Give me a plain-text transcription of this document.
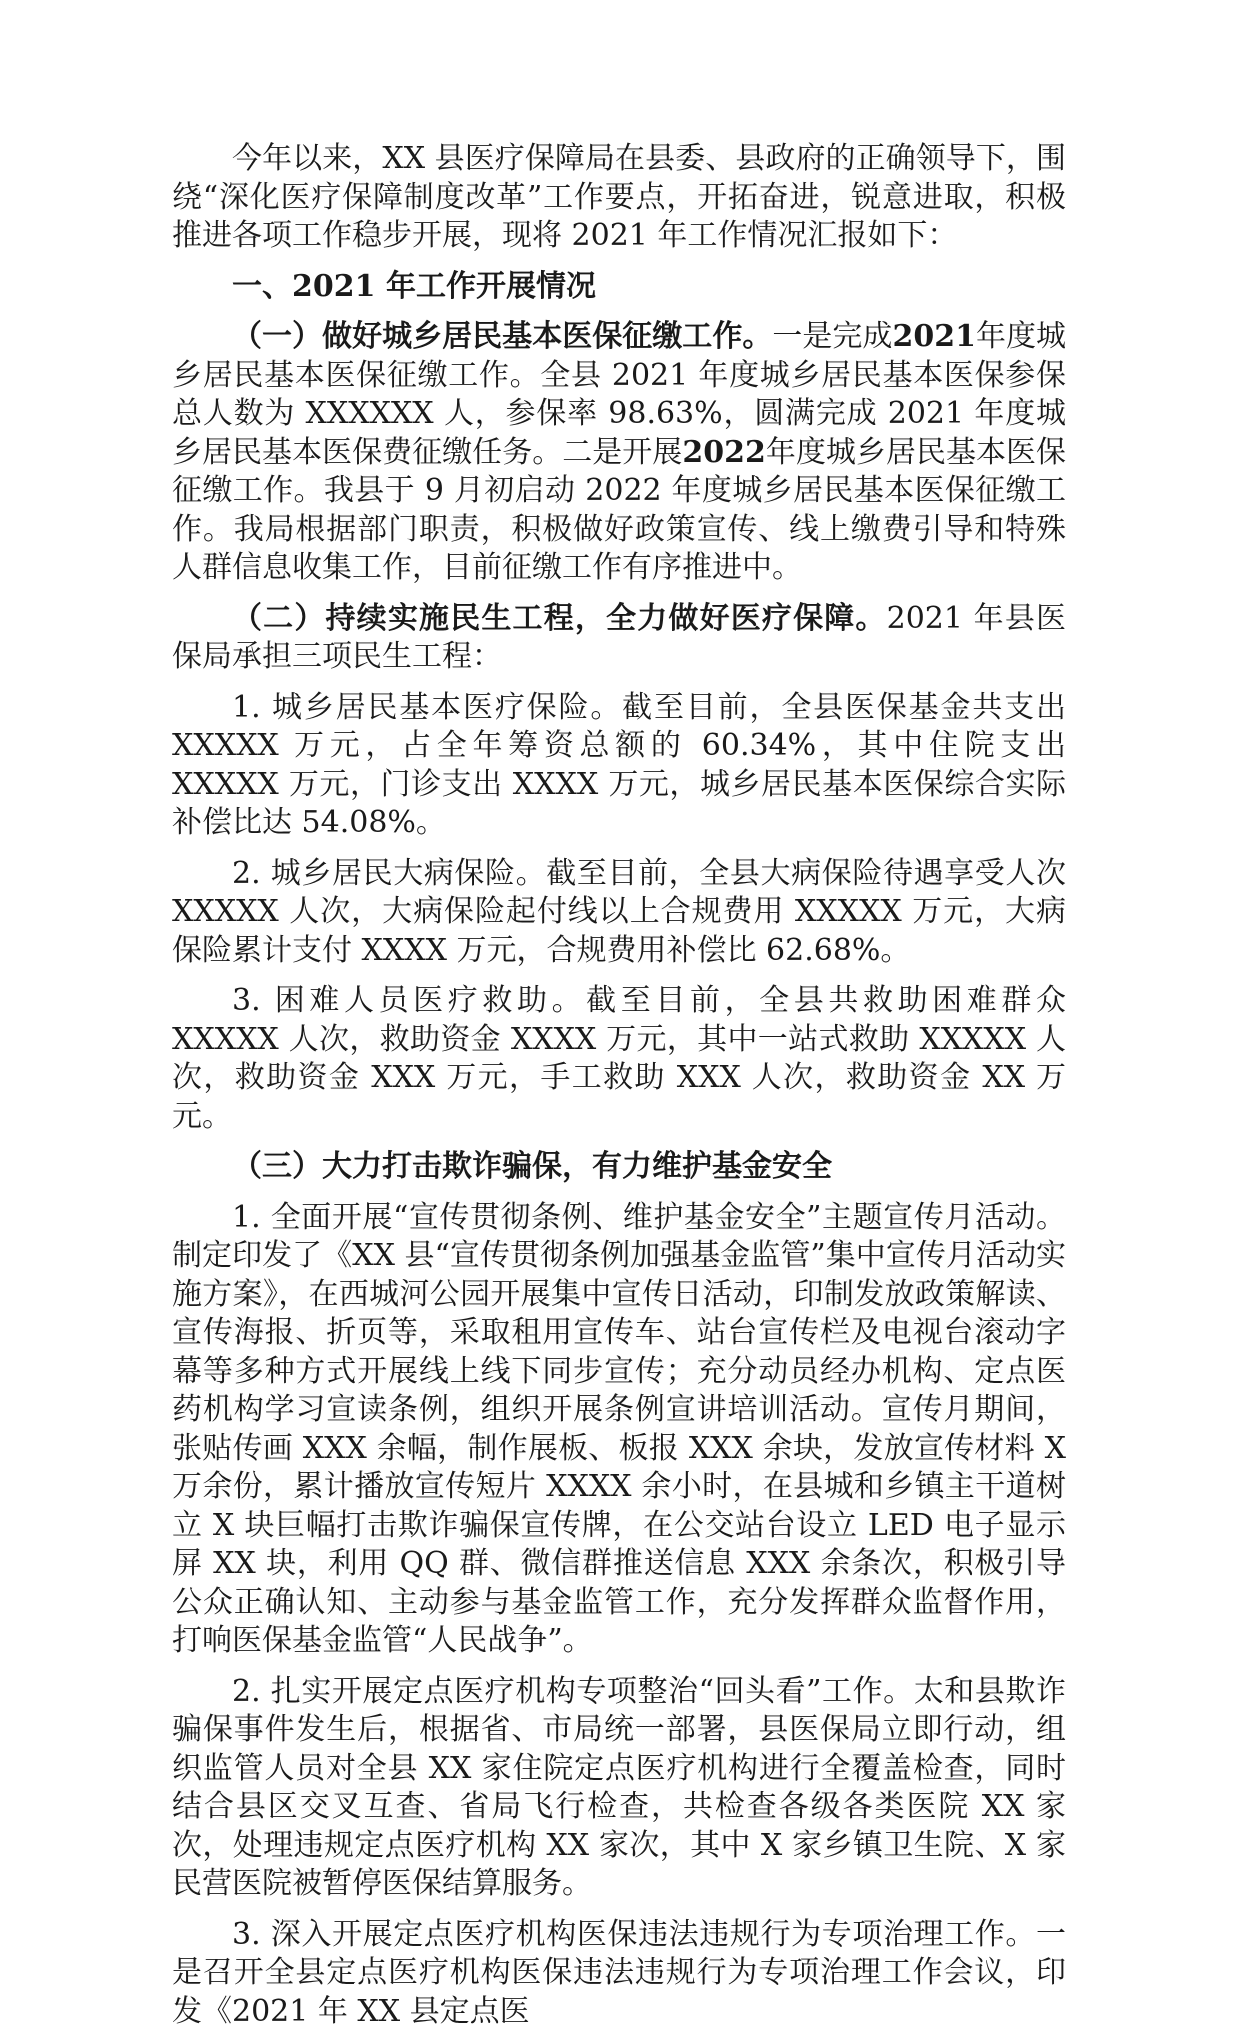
今年以来，XX 县医疗保障局在县委、县政府的正确领导下，围绕“深化医疗保障制度改革”工作要点，开拓奋进，锐意进取，积极推进各项工作稳步开展，现将 2021 年工作情况汇报如下：

一、2021 年工作开展情况

（一）做好城乡居民基本医保征缴工作。一是完成2021年度城乡居民基本医保征缴工作。全县 2021 年度城乡居民基本医保参保总人数为 XXXXXX 人，参保率 98.63%，圆满完成 2021 年度城乡居民基本医保费征缴任务。二是开展2022年度城乡居民基本医保征缴工作。我县于 9 月初启动 2022 年度城乡居民基本医保征缴工作。我局根据部门职责，积极做好政策宣传、线上缴费引导和特殊人群信息收集工作，目前征缴工作有序推进中。

（二）持续实施民生工程，全力做好医疗保障。2021 年县医保局承担三项民生工程：

1. 城乡居民基本医疗保险。截至目前，全县医保基金共支出 XXXXX 万元，占全年筹资总额的 60.34%，其中住院支出 XXXXX 万元，门诊支出 XXXX 万元，城乡居民基本医保综合实际补偿比达 54.08%。

2. 城乡居民大病保险。截至目前，全县大病保险待遇享受人次 XXXXX 人次，大病保险起付线以上合规费用 XXXXX 万元，大病保险累计支付 XXXX 万元，合规费用补偿比 62.68%。

3. 困难人员医疗救助。截至目前，全县共救助困难群众 XXXXX 人次，救助资金 XXXX 万元，其中一站式救助 XXXXX 人次，救助资金 XXX 万元，手工救助 XXX 人次，救助资金 XX 万元。

（三）大力打击欺诈骗保，有力维护基金安全

1. 全面开展“宣传贯彻条例、维护基金安全”主题宣传月活动。制定印发了《XX 县“宣传贯彻条例加强基金监管”集中宣传月活动实施方案》，在西城河公园开展集中宣传日活动，印制发放政策解读、宣传海报、折页等，采取租用宣传车、站台宣传栏及电视台滚动字幕等多种方式开展线上线下同步宣传；充分动员经办机构、定点医药机构学习宣读条例，组织开展条例宣讲培训活动。宣传月期间，张贴传画 XXX 余幅，制作展板、板报 XXX 余块，发放宣传材料 X 万余份，累计播放宣传短片 XXXX 余小时，在县城和乡镇主干道树立 X 块巨幅打击欺诈骗保宣传牌，在公交站台设立 LED 电子显示屏 XX 块，利用 QQ 群、微信群推送信息 XXX 余条次，积极引导公众正确认知、主动参与基金监管工作，充分发挥群众监督作用，打响医保基金监管“人民战争”。

2. 扎实开展定点医疗机构专项整治“回头看”工作。太和县欺诈骗保事件发生后，根据省、市局统一部署，县医保局立即行动，组织监管人员对全县 XX 家住院定点医疗机构进行全覆盖检查，同时结合县区交叉互查、省局飞行检查，共检查各级各类医院 XX 家次，处理违规定点医疗机构 XX 家次，其中 X 家乡镇卫生院、X 家民营医院被暂停医保结算服务。

3. 深入开展定点医疗机构医保违法违规行为专项治理工作。一是召开全县定点医疗机构医保违法违规行为专项治理工作会议，印发《2021 年 XX 县定点医
